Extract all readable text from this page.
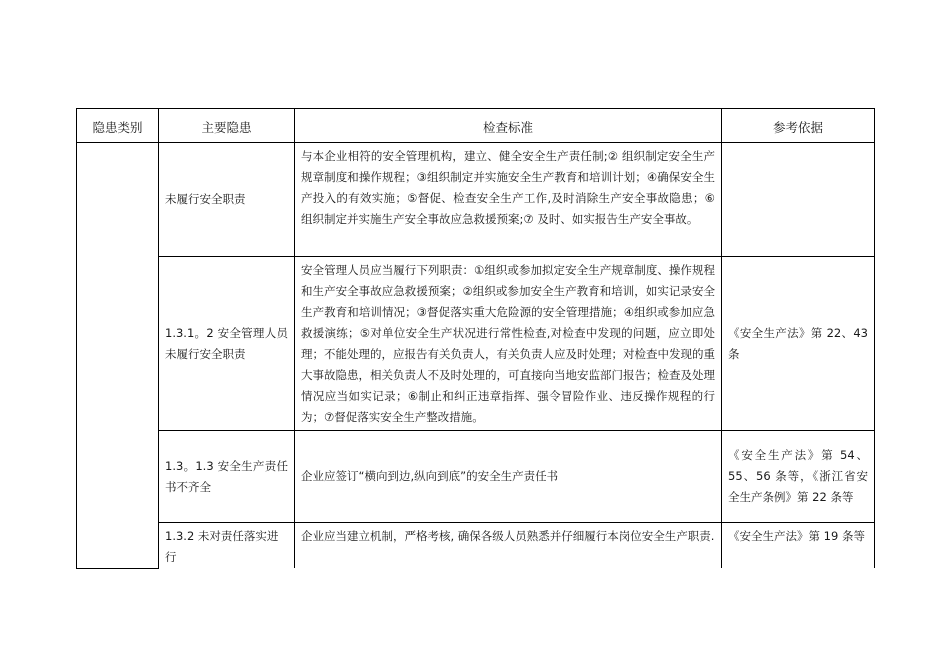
隐患类别	主要隐患	检查标准	参考依据
	未履行安全职责	与本企业相符的安全管理机构，建立、健全安全生产责任制;② 组织制定安全生产规章制度和操作规程；③组织制定并实施安全生产教育和培训计划；④确保安全生产投入的有效实施；⑤督促、检查安全生产工作,及时消除生产安全事故隐患；⑥组织制定并实施生产安全事故应急救援预案;⑦ 及时、如实报告生产安全事故。	
	1.3.1。2 安全管理人员未履行安全职责	安全管理人员应当履行下列职责：①组织或参加拟定安全生产规章制度、操作规程和生产安全事故应急救援预案；②组织或参加安全生产教育和培训，如实记录安全生产教育和培训情况；③督促落实重大危险源的安全管理措施；④组织或参加应急救援演练；⑤对单位安全生产状况进行常性检查,对检查中发现的问题，应立即处理；不能处理的，应报告有关负责人，有关负责人应及时处理；对检查中发现的重大事故隐患，相关负责人不及时处理的，可直接向当地安监部门报告；检查及处理情况应当如实记录；⑥制止和纠正违章指挥、强令冒险作业、违反操作规程的行为；⑦督促落实安全生产整改措施。	《安全生产法》第 22、43 条
	1.3。1.3 安全生产责任书不齐全	企业应签订“横向到边,纵向到底”的安全生产责任书	《安全生产法》第 54、55、56 条等，《浙江省安全生产条例》第 22 条等
	1.3.2 未对责任落实进行	企业应当建立机制，严格考核, 确保各级人员熟悉并仔细履行本岗位安全生产职责.	《安全生产法》第 19 条等
